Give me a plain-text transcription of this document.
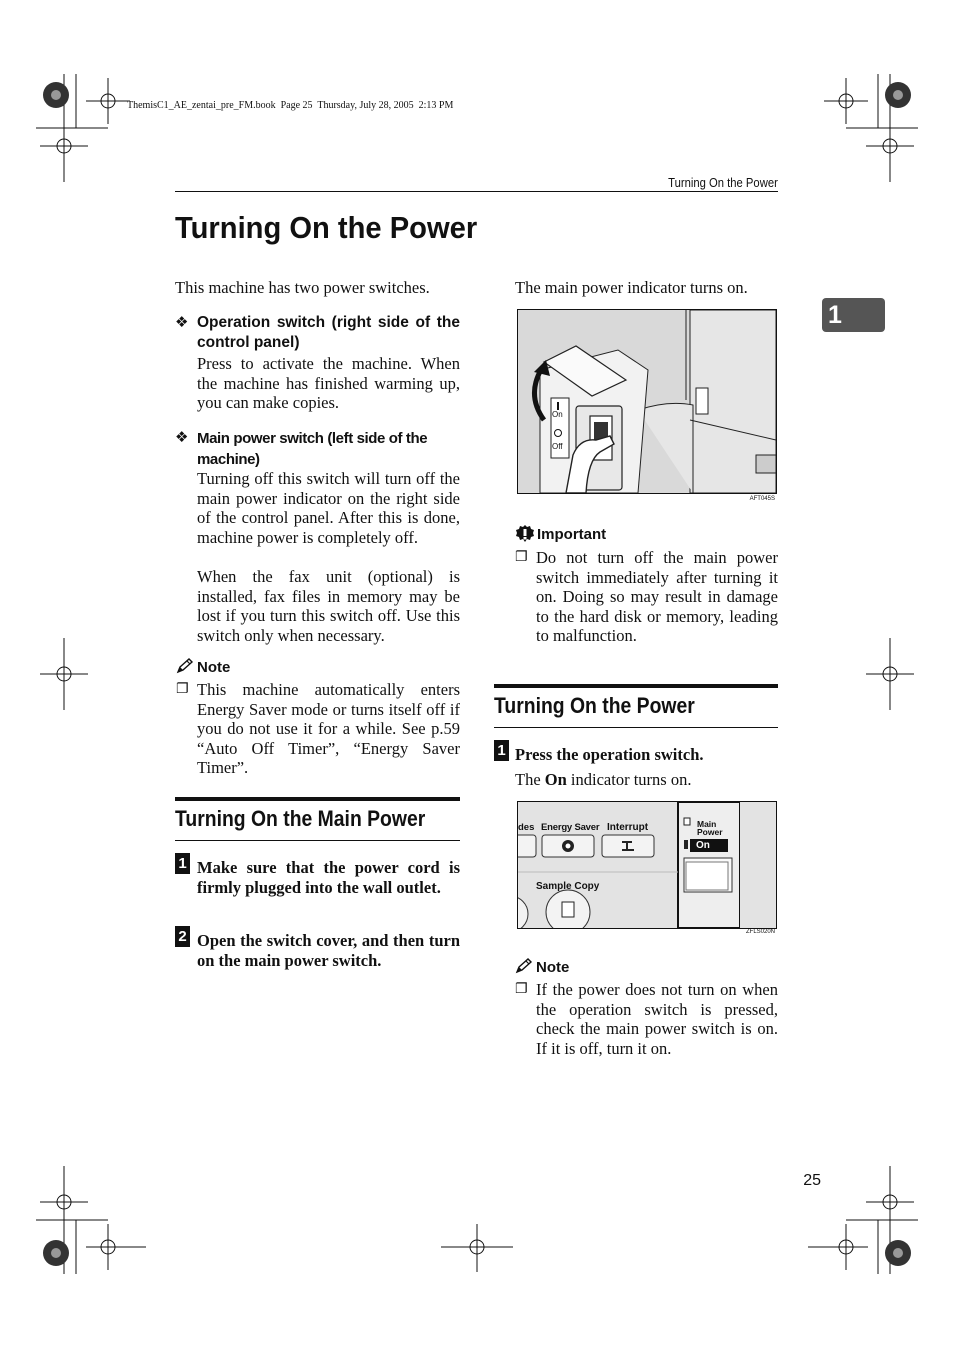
ThemisC1_AE_zentai_pre_FM.book  Page 25  Thursday, July 28, 2005  2:13 PM
Turning On the Power
Turning On the Power
1
This machine has two power switches.
❖ Operation switch (right side of the control panel)
Press to activate the machine. When the machine has finished warming up, you can make copies.
❖ Main power switch (left side of the machine)
Turning off this switch will turn off the main power indicator on the right side of the control panel. After this is done, machine power is completely off.
When the fax unit (optional) is installed, fax files in memory may be lost if you turn this switch off. Use this switch only when necessary.
Note
❐ This machine automatically enters Energy Saver mode or turns itself off if you do not use it for a while. See p.59 “Auto Off Timer”, “Energy Saver Timer”.
Turning On the Main Power
1 Make sure that the power cord is firmly plugged into the wall outlet.
2 Open the switch cover, and then turn on the main power switch.
The main power indicator turns on.
On
Off
AFT045S
Important
❐ Do not turn off the main power switch immediately after turning it on. Doing so may result in damage to the hard disk or memory, leading to malfunction.
Turning On the Power
1 Press the operation switch.
The On indicator turns on.
des Energy Saver Interrupt	Main
Power
On
Sample Copy
ZFLS020N
Note
❐ If the power does not turn on when the operation switch is pressed, check the main power switch is on. If it is off, turn it on.
25
